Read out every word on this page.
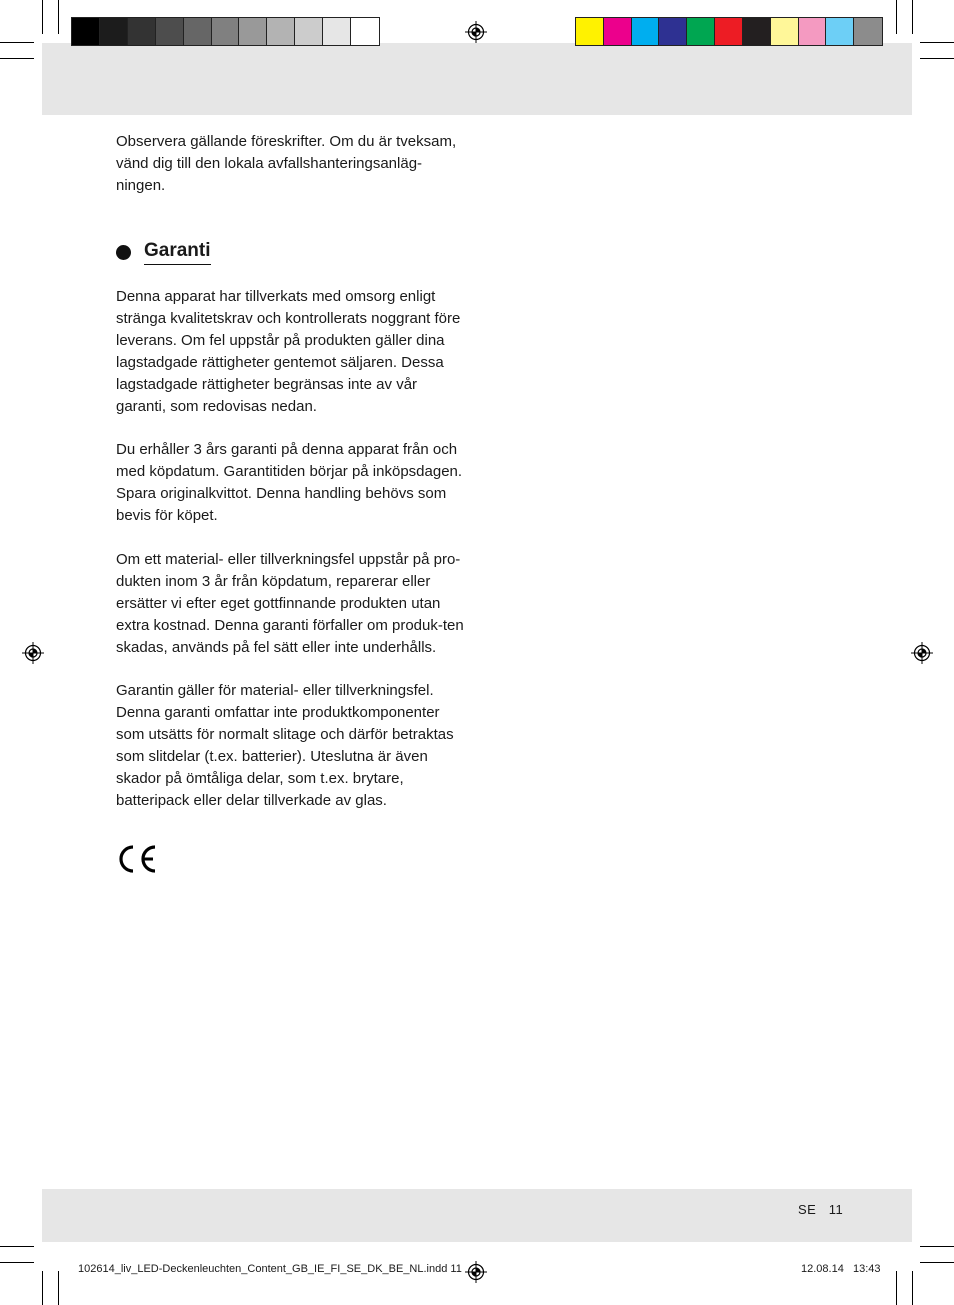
Observera gällande föreskrifter. Om du är tveksam, vänd dig till den lokala avfallshanteringsanläg-ningen.

Garanti

Denna apparat har tillverkats med omsorg enligt stränga kvalitetskrav och kontrollerats noggrant före leverans. Om fel uppstår på produkten gäller dina lagstadgade rättigheter gentemot säljaren. Dessa lagstadgade rättigheter begränsas inte av vår garanti, som redovisas nedan.

Du erhåller 3 års garanti på denna apparat från och med köpdatum. Garantitiden börjar på inköpsdagen. Spara originalkvittot. Denna handling behövs som bevis för köpet.

Om ett material- eller tillverkningsfel uppstår på pro-dukten inom 3 år från köpdatum, reparerar eller ersätter vi efter eget gottfinnande produkten utan extra kostnad. Denna garanti förfaller om produk-ten skadas, används på fel sätt eller inte underhålls.

Garantin gäller för material- eller tillverkningsfel. Denna garanti omfattar inte produktkomponenter som utsätts för normalt slitage och därför betraktas som slitdelar (t.ex. batterier). Uteslutna är även skador på ömtåliga delar, som t.ex. brytare, batteripack eller delar tillverkade av glas.

SE 11
102614_liv_LED-Deckenleuchten_Content_GB_IE_FI_SE_DK_BE_NL.indd 11	12.08.14 13:43
